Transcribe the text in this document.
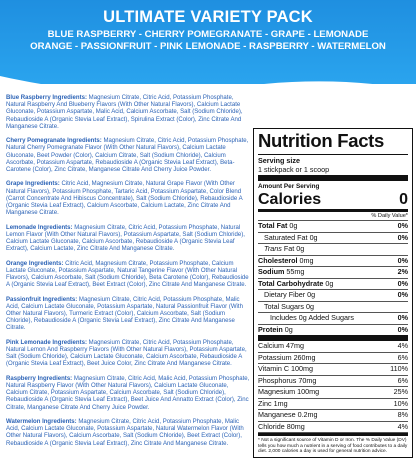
ULTIMATE VARIETY PACK
BLUE RASPBERRY - CHERRY POMEGRANATE - GRAPE - LEMONADE
ORANGE - PASSIONFRUIT - PINK LEMONADE - RASPBERRY - WATERMELON

Blue Raspberry Ingredients: Magnesium Citrate, Citric Acid, Potassium Phosphate, Natural Raspberry And Blueberry Flavors (With Other Natural Flavors), Calcium Lactate Gluconate, Potassium Aspartate, Malic Acid, Calcium Ascorbate, Salt (Sodium Chloride), Rebaudioside A (Organic Stevia Leaf Extract), Spirulina Extract (Color), Zinc Citrate And Manganese Citrate.

Cherry Pomegranate Ingredients: Magnesium Citrate, Citric Acid, Potassium Phosphate, Natural Cherry Pomegranate Flavor (With Other Natural Flavors), Calcium Lactate Gluconate, Beet Powder (Color), Calcium Citrate, Salt (Sodium Chloride), Calcium Ascorbate, Potassium Aspartate, Rebaudioside A (Organic Stevia Leaf Extract), Beta-Carotene (Color), Zinc Citrate, Manganese Citrate And Cherry Juice Powder.

Grape Ingredients: Citric Acid, Magnesium Citrate, Natural Grape Flavor (With Other Natural Flavors), Potassium Phosphate, Tartaric Acid, Potassium Aspartate, Color Blend (Carrot Concentrate And Hibiscus Concentrate), Salt (Sodium Chloride), Rebaudioside A (Organic Stevia Leaf Extract), Calcium Ascorbate, Calcium Lactate, Zinc Citrate And Manganese Citrate.

Lemonade Ingredients: Magnesium Citrate, Citric Acid, Potassium Phosphate, Natural Lemon Flavor (With Other Natural Flavors), Potassium Aspartate, Salt (Sodium Chloride), Calcium Lactate Gluconate, Calcium Ascorbate, Rebaudioside A (Organic Stevia Leaf Extract), Calcium Lactate, Zinc Citrate And Manganese Citrate.

Orange Ingredients: Citric Acid, Magnesium Citrate, Potassium Phosphate, Calcium Lactate Gluconate, Potassium Aspartate, Natural Tangerine Flavor (With Other Natural Flavors), Calcium Ascorbate, Salt (Sodium Chloride), Beta Carotene (Color), Rebaudioside A (Organic Stevia Leaf Extract), Beet Extract (Color), Zinc Citrate And Manganese Citrate.

Passionfruit Ingredients: Magnesium Citrate, Citric Acid, Potassium Phosphate, Malic Acid, Calcium Lactate Gluconate, Potassium Aspartate, Natural Passionfruit Flavor (With Other Natural Flavors), Turmeric Extract (Color), Calcium Ascorbate, Salt (Sodium Chloride), Rebaudioside A (Organic Stevia Leaf Extract), Zinc Citrate And Manganese Citrate.

Pink Lemonade Ingredients: Magnesium Citrate, Citric Acid, Potassium Phosphate, Natural Lemon And Raspberry Flavors (With Other Natural Flavors), Potassium Aspartate, Salt (Sodium Chloride), Calcium Lactate Gluconate, Calcium Ascorbate, Rebaudioside A (Organic Stevia Leaf Extract), Beet Juice Color, Zinc Citrate And Manganese Citrate.

Raspberry Ingredients: Magnesium Citrate, Citric Acid, Malic Acid, Potassium Phosphate, Natural Raspberry Flavor (With Other Natural Flavors), Calcium Lactate Gluconate, Calcium Citrate, Potassium Aspartate, Calcium Ascorbate, Salt (Sodium Chloride), Rebaudioside A (Organic Stevia Leaf Extract), Beet Juice And Annatto Extract (Color), Zinc Citrate, Manganese Citrate And Cherry Juice Powder.

Watermelon Ingredients: Magnesium Citrate, Citric Acid, Potassium Phosphate, Malic Acid, Calcium Lactate Gluconate, Potassium Aspartate, Natural Watermelon Flavor (With Other Natural Flavors), Calcium Ascorbate, Salt (Sodium Chloride), Beet Extract (Color), Rebaudioside A (Organic Stevia Leaf Extract), Zinc Citrate And Manganese Citrate.

Nutrition Facts
Serving size
1 stickpack or 1 scoop
Amount Per Serving
Calories	0
% Daily Value*
Total Fat 0g	0%
Saturated Fat 0g	0%
Trans Fat 0g
Cholesterol 0mg	0%
Sodium 55mg	2%
Total Carbohydrate 0g	0%
Dietary Fiber 0g	0%
Total Sugars 0g
Includes 0g Added Sugars	0%
Protein 0g	0%
Calcium 47mg	4%
Potassium 260mg	6%
Vitamin C 100mg	110%
Phosphorus 70mg	6%
Magnesium 100mg	25%
Zinc 1mg	10%
Manganese 0.2mg	8%
Chloride 80mg	4%
* Not a significant source of Vitamin D or Iron. The % Daily Value (DV) tells you how much a nutrient in a serving of food contributes to a daily diet. 2,000 calories a day is used for general nutrition advice.
